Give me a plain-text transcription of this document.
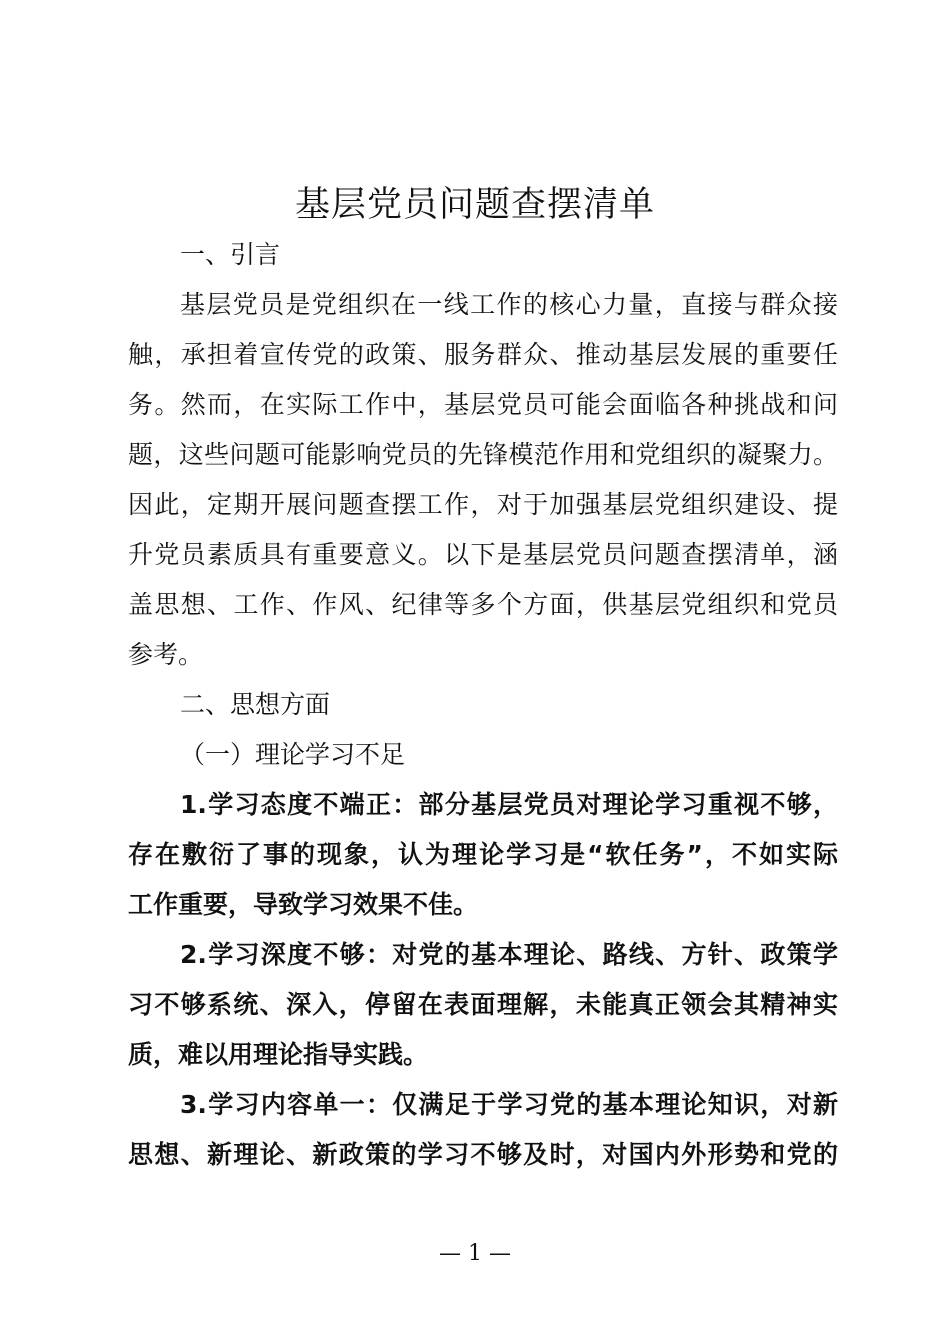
基层党员问题查摆清单
一、引言
基层党员是党组织在一线工作的核心力量，直接与群众接
触，承担着宣传党的政策、服务群众、推动基层发展的重要任
务。然而，在实际工作中，基层党员可能会面临各种挑战和问
题，这些问题可能影响党员的先锋模范作用和党组织的凝聚力。
因此，定期开展问题查摆工作，对于加强基层党组织建设、提
升党员素质具有重要意义。以下是基层党员问题查摆清单，涵
盖思想、工作、作风、纪律等多个方面，供基层党组织和党员
参考。
二、思想方面
（一）理论学习不足
1.学习态度不端正：部分基层党员对理论学习重视不够，
存在敷衍了事的现象，认为理论学习是“软任务”，不如实际
工作重要，导致学习效果不佳。
2.学习深度不够：对党的基本理论、路线、方针、政策学
习不够系统、深入，停留在表面理解，未能真正领会其精神实
质，难以用理论指导实践。
3.学习内容单一：仅满足于学习党的基本理论知识，对新
思想、新理论、新政策的学习不够及时，对国内外形势和党的
— 1 —
